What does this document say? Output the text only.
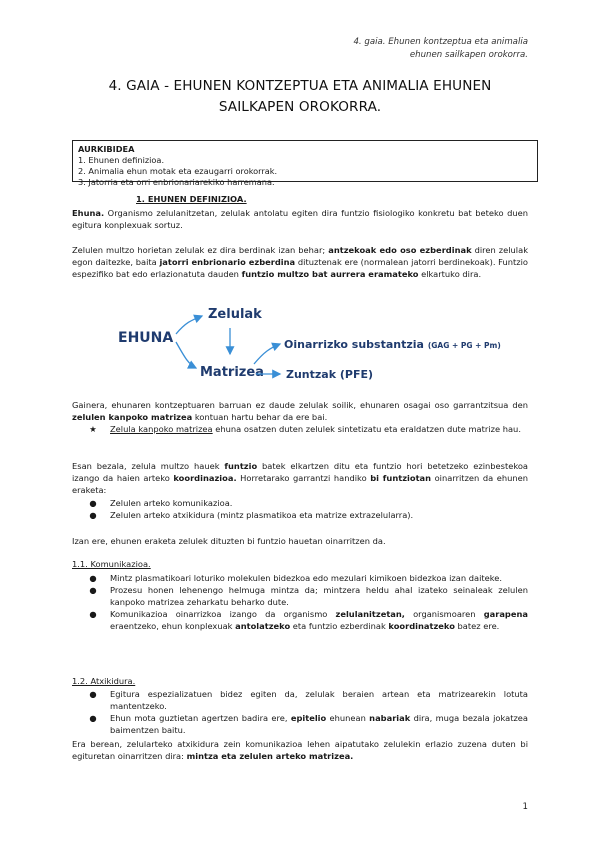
4. gaia. Ehunen kontzeptua eta animalia
ehunen sailkapen orokorra.
4. GAIA - EHUNEN KONTZEPTUA ETA ANIMALIA EHUNEN
SAILKAPEN OROKORRA.
AURKIBIDEA
1. Ehunen definizioa.
2. Animalia ehun motak eta ezaugarri orokorrak.
3. Jatorria eta orri enbrionariarekiko harremana.
1. EHUNEN DEFINIZIOA.
Ehuna. Organismo zelulanitzetan, zelulak antolatu egiten dira funtzio fisiologiko konkretu bat beteko duen egitura konplexuak sortuz.
Zelulen multzo horietan zelulak ez dira berdinak izan behar; antzekoak edo oso ezberdinak diren zelulak egon daitezke, baita jatorri enbrionario ezberdina dituztenak ere (normalean jatorri berdinekoak). Funtzio espezifiko bat edo erlazionatuta dauden funtzio multzo bat aurrera eramateko elkartuko dira.
EHUNA
Zelulak
Matrizea
Oinarrizko substantzia (GAG + PG + Pm)
Zuntzak (PFE)
Gainera, ehunaren kontzeptuaren barruan ez daude zelulak soilik, ehunaren osagai oso garrantzitsua den zelulen kanpoko matrizea kontuan hartu behar da ere bai.
★ Zelula kanpoko matrizea ehuna osatzen duten zelulek sintetizatu eta eraldatzen dute matrize hau.
Esan bezala, zelula multzo hauek funtzio batek elkartzen ditu eta funtzio hori betetzeko ezinbestekoa izango da haien arteko koordinazioa. Horretarako garrantzi handiko bi funtziotan oinarritzen da ehunen eraketa:
● Zelulen arteko komunikazioa.
● Zelulen arteko atxikidura (mintz plasmatikoa eta matrize extrazelularra).
Izan ere, ehunen eraketa zelulek dituzten bi funtzio hauetan oinarritzen da.
1.1. Komunikazioa.
● Mintz plasmatikoari loturiko molekulen bidezkoa edo mezulari kimikoen bidezkoa izan daiteke.
● Prozesu honen lehenengo helmuga mintza da; mintzera heldu ahal izateko seinaleak zelulen kanpoko matrizea zeharkatu beharko dute.
● Komunikazioa oinarrizkoa izango da organismo zelulanitzetan, organismoaren garapena eraentzeko, ehun konplexuak antolatzeko eta funtzio ezberdinak koordinatzeko batez ere.
1.2. Atxikidura.
● Egitura espezializatuen bidez egiten da, zelulak beraien artean eta matrizearekin lotuta mantentzeko.
● Ehun mota guztietan agertzen badira ere, epitelio ehunean nabariak dira, muga bezala jokatzea baimentzen baitu.
Era berean, zelularteko atxikidura zein komunikazioa lehen aipatutako zelulekin erlazio zuzena duten bi egituretan oinarritzen dira: mintza eta zelulen arteko matrizea.
1
